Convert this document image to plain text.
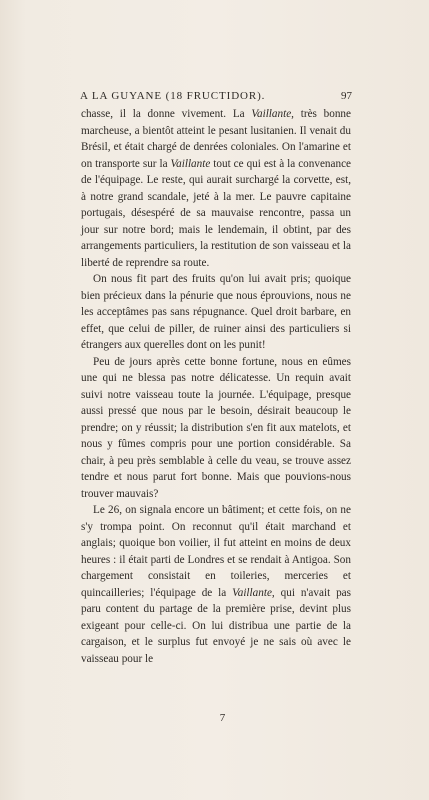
A LA GUYANE (18 FRUCTIDOR).	97

chasse, il la donne vivement. La Vaillante, très bonne marcheuse, a bientôt atteint le pesant lusitanien. Il venait du Brésil, et était chargé de denrées coloniales. On l'amarine et on transporte sur la Vaillante tout ce qui est à la convenance de l'équipage. Le reste, qui aurait surchargé la corvette, est, à notre grand scandale, jeté à la mer. Le pauvre capitaine portugais, désespéré de sa mauvaise rencontre, passa un jour sur notre bord; mais le lendemain, il obtint, par des arrangements particuliers, la restitution de son vaisseau et la liberté de reprendre sa route.

On nous fit part des fruits qu'on lui avait pris; quoique bien précieux dans la pénurie que nous éprouvions, nous ne les acceptâmes pas sans répugnance. Quel droit barbare, en effet, que celui de piller, de ruiner ainsi des particuliers si étrangers aux querelles dont on les punit!

Peu de jours après cette bonne fortune, nous en eûmes une qui ne blessa pas notre délicatesse. Un requin avait suivi notre vaisseau toute la journée. L'équipage, presque aussi pressé que nous par le besoin, désirait beaucoup le prendre; on y réussit; la distribution s'en fit aux matelots, et nous y fûmes compris pour une portion considérable. Sa chair, à peu près semblable à celle du veau, se trouve assez tendre et nous parut fort bonne. Mais que pouvions-nous trouver mauvais?

Le 26, on signala encore un bâtiment; et cette fois, on ne s'y trompa point. On reconnut qu'il était marchand et anglais; quoique bon voilier, il fut atteint en moins de deux heures : il était parti de Londres et se rendait à Antigoa. Son chargement consistait en toileries, merceries et quincailleries; l'équipage de la Vaillante, qui n'avait pas paru content du partage de la première prise, devint plus exigeant pour celle-ci. On lui distribua une partie de la cargaison, et le surplus fut envoyé je ne sais où avec le vaisseau pour le

7
